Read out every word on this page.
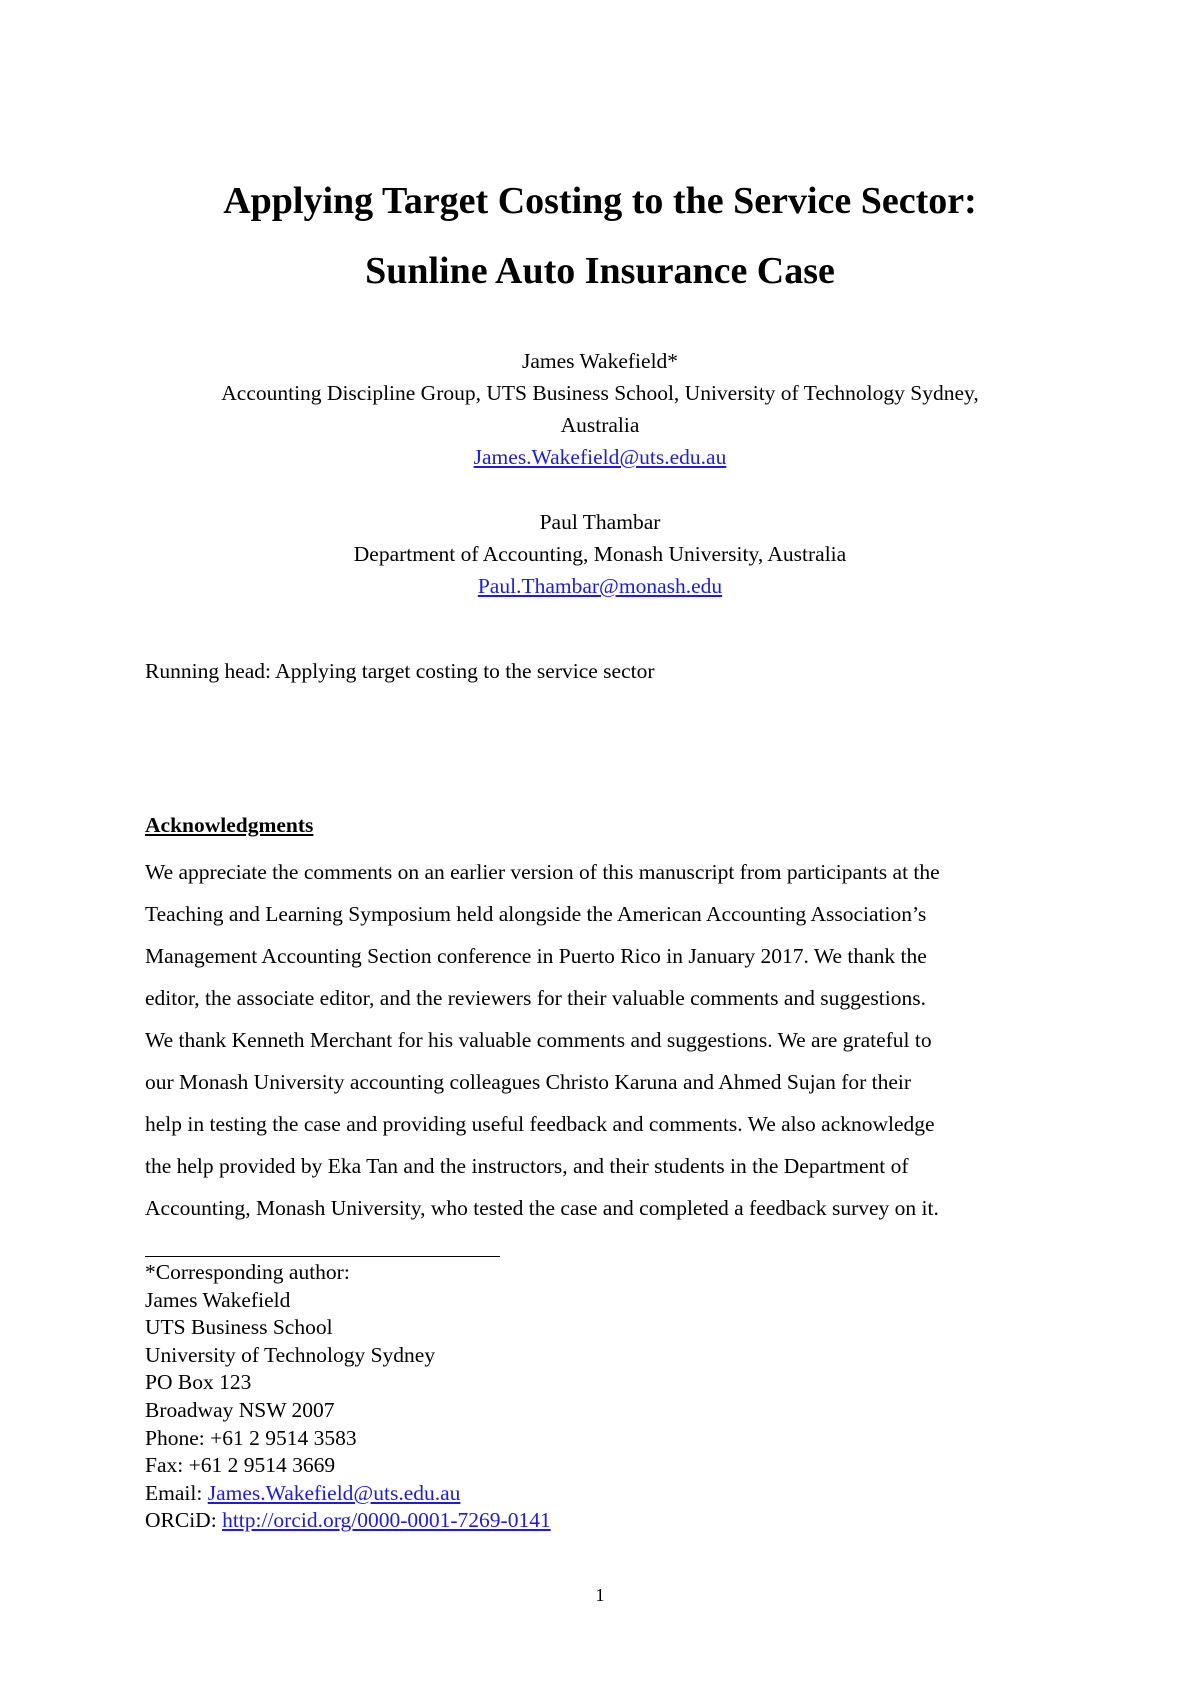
Applying Target Costing to the Service Sector:
Sunline Auto Insurance Case
James Wakefield*
Accounting Discipline Group, UTS Business School, University of Technology Sydney,
Australia
James.Wakefield@uts.edu.au
Paul Thambar
Department of Accounting, Monash University, Australia
Paul.Thambar@monash.edu
Running head: Applying target costing to the service sector
Acknowledgments
We appreciate the comments on an earlier version of this manuscript from participants at the
Teaching and Learning Symposium held alongside the American Accounting Association’s
Management Accounting Section conference in Puerto Rico in January 2017. We thank the
editor, the associate editor, and the reviewers for their valuable comments and suggestions.
We thank Kenneth Merchant for his valuable comments and suggestions. We are grateful to
our Monash University accounting colleagues Christo Karuna and Ahmed Sujan for their
help in testing the case and providing useful feedback and comments. We also acknowledge
the help provided by Eka Tan and the instructors, and their students in the Department of
Accounting, Monash University, who tested the case and completed a feedback survey on it.
*Corresponding author:
James Wakefield
UTS Business School
University of Technology Sydney
PO Box 123
Broadway NSW 2007
Phone: +61 2 9514 3583
Fax: +61 2 9514 3669
Email: James.Wakefield@uts.edu.au
ORCiD: http://orcid.org/0000-0001-7269-0141
1
